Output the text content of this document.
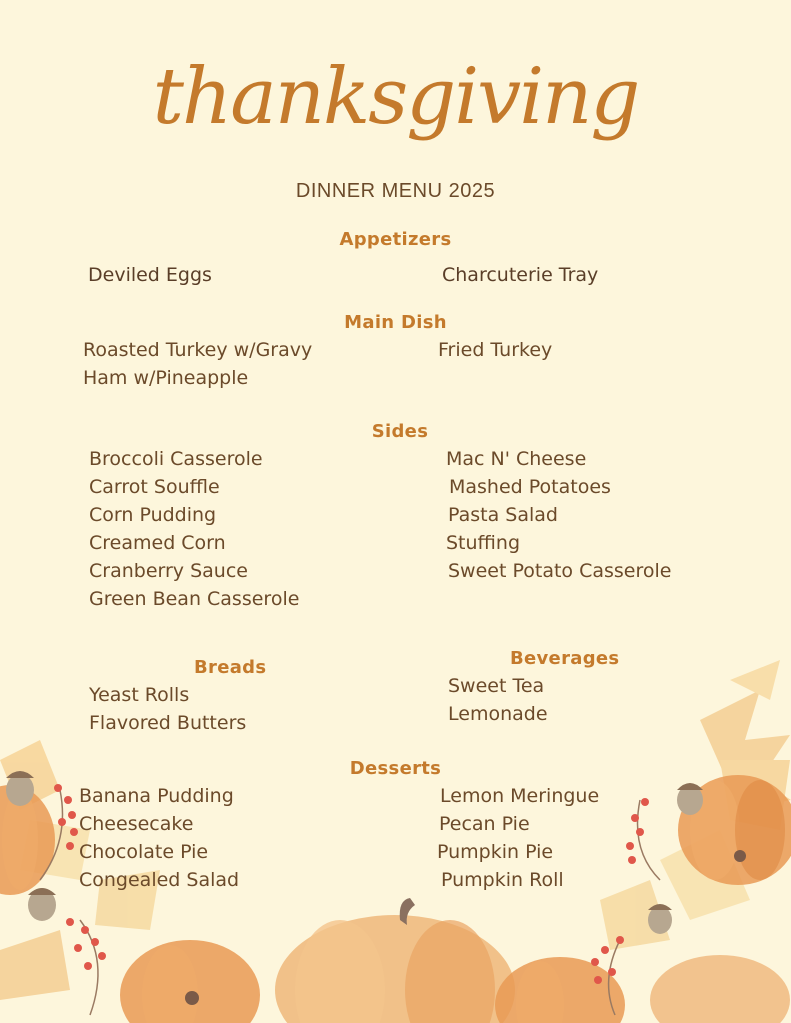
thanksgiving
DINNER MENU 2025
Appetizers
Deviled Eggs	Charcuterie Tray
Main Dish
Roasted Turkey w/Gravy	Fried Turkey
Ham w/Pineapple
Sides
Broccoli Casserole
Carrot Souffle
Corn Pudding
Creamed Corn
Cranberry Sauce
Green Bean Casserole
Mac N' Cheese
Mashed Potatoes
Pasta Salad
Stuffing
Sweet Potato Casserole
Breads
Yeast Rolls
Flavored Butters
Beverages
Sweet Tea
Lemonade
Desserts
Banana Pudding
Cheesecake
Chocolate Pie
Congealed Salad
Lemon Meringue
Pecan Pie
Pumpkin Pie
Pumpkin Roll
